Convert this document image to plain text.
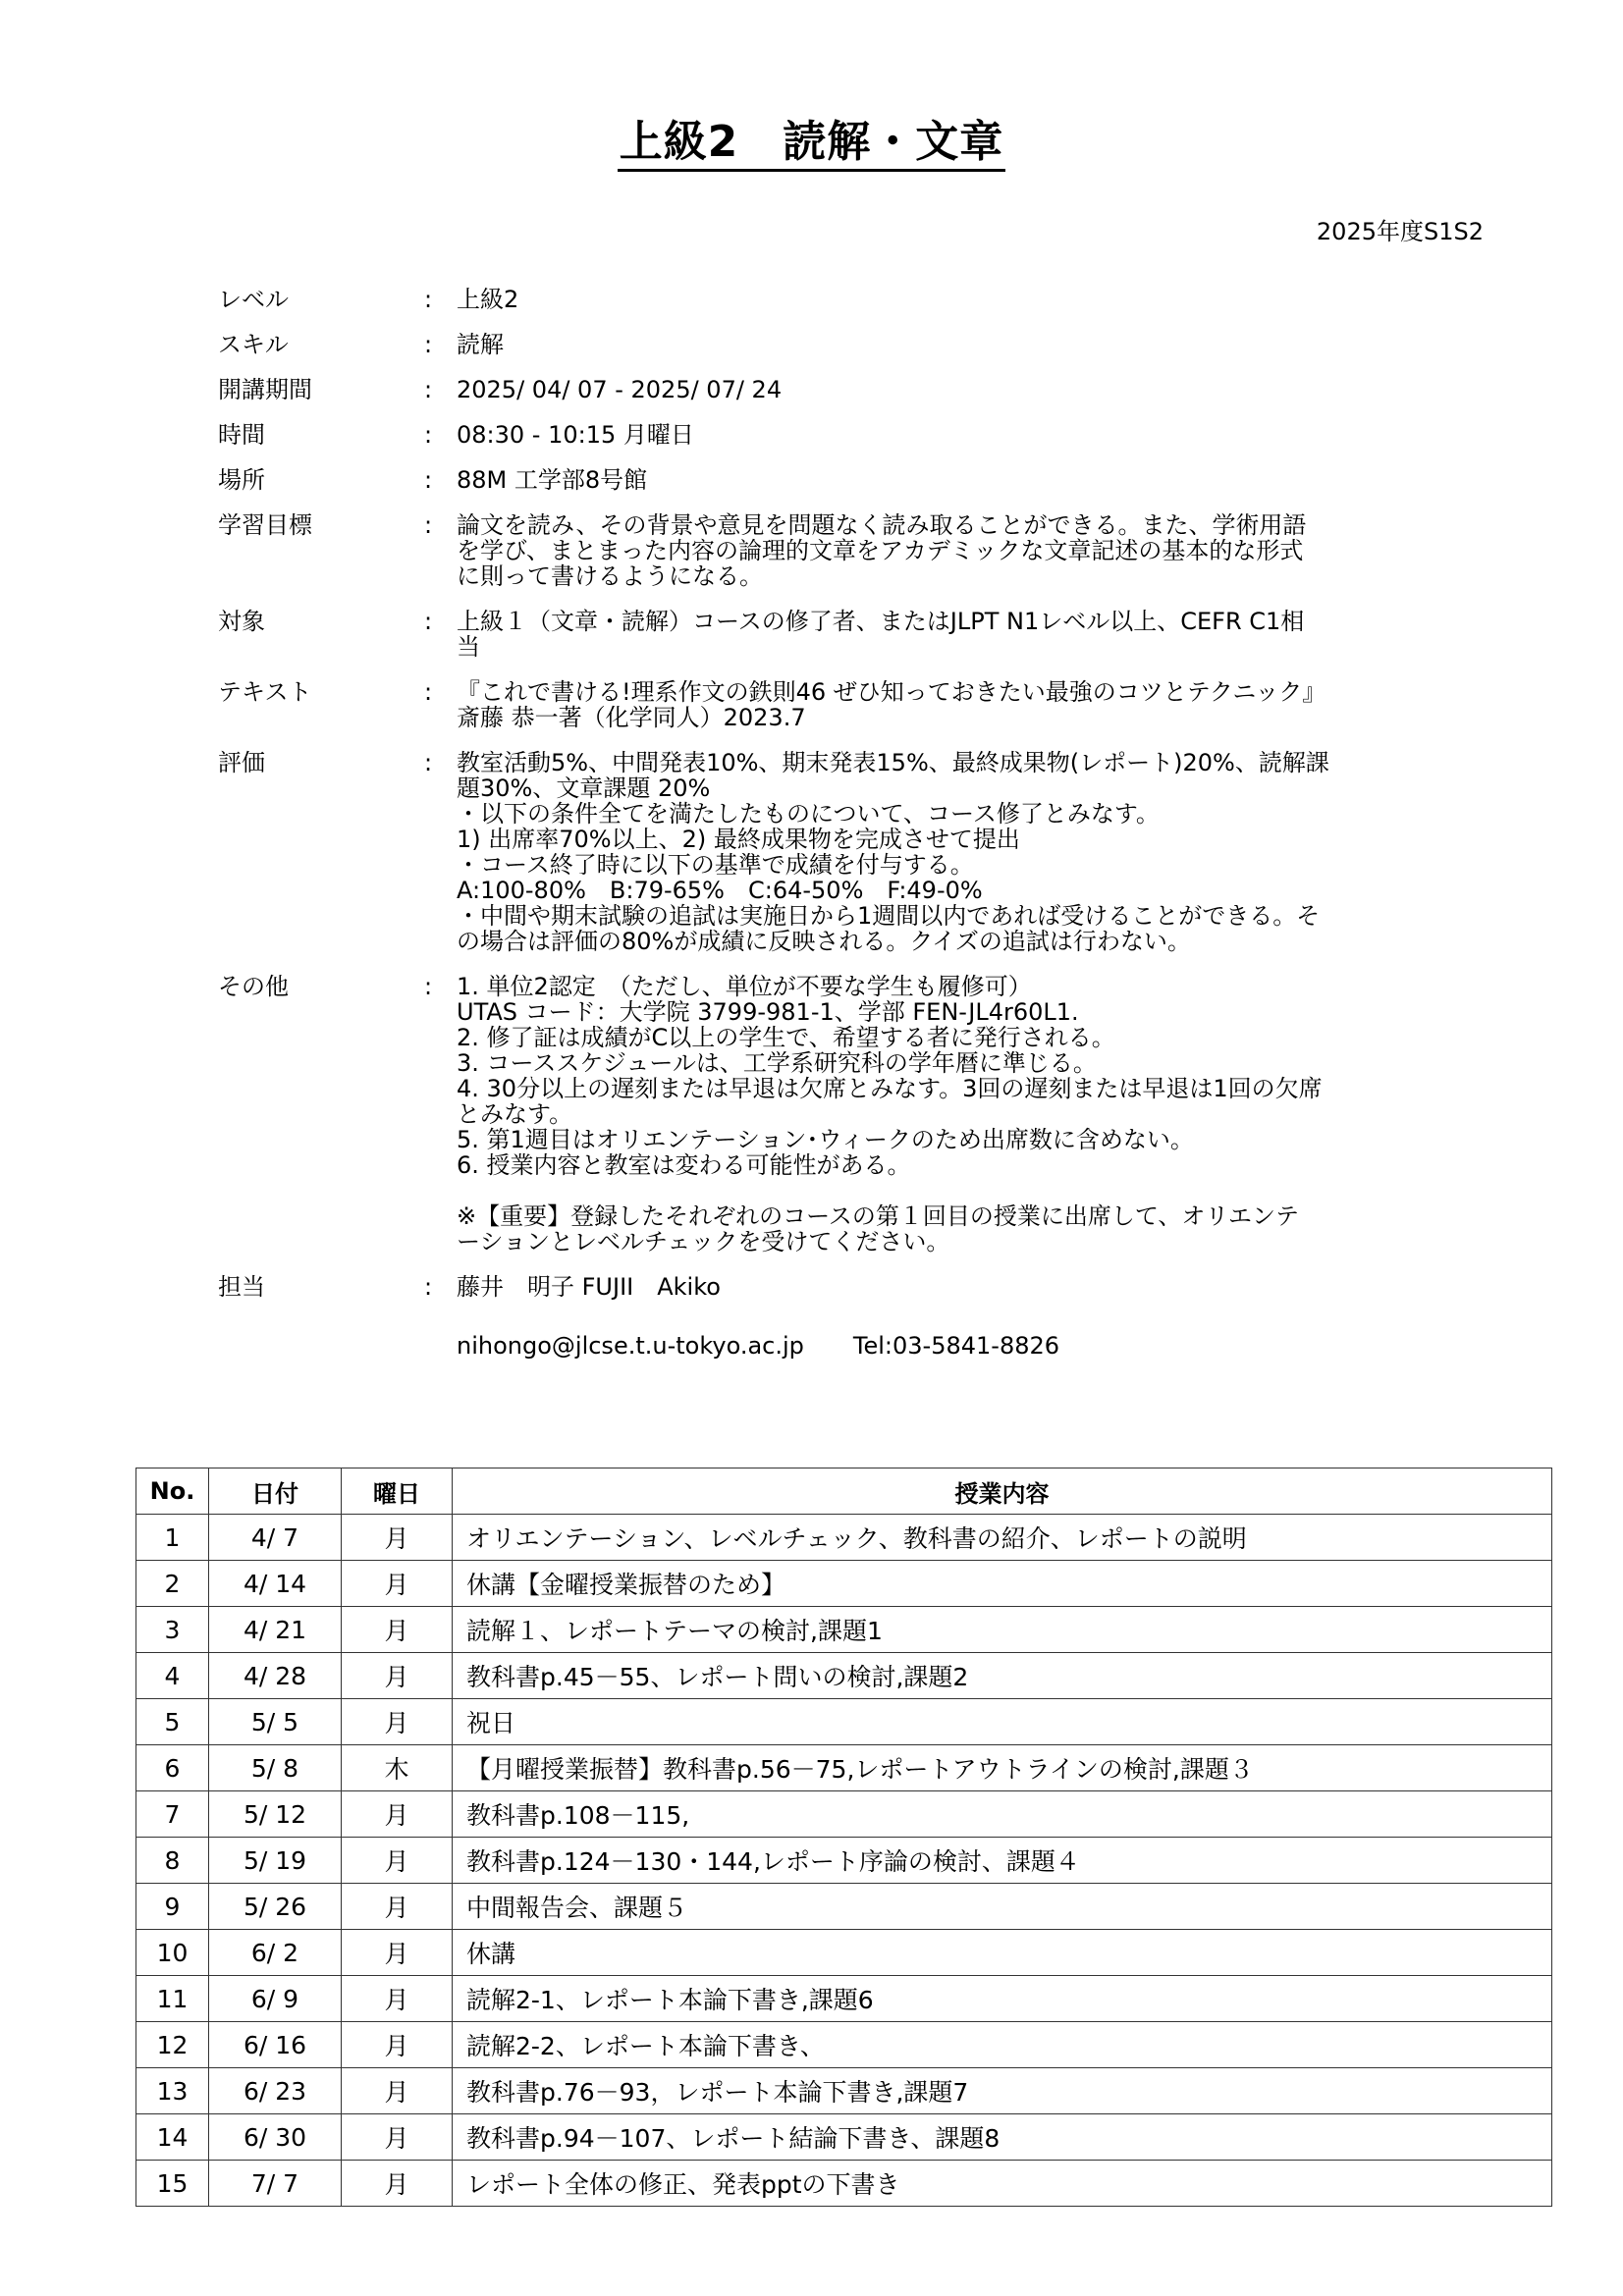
上級2　読解・文章
2025年度S1S2
レベル	:	上級2
スキル	:	読解
開講期間	:	2025/ 04/ 07 - 2025/ 07/ 24
時間	:	08:30 - 10:15 月曜日
場所	:	88M 工学部8号館
学習目標	:	論文を読み、その背景や意見を問題なく読み取ることができる。また、学術用語
を学び、まとまった内容の論理的文章をアカデミックな文章記述の基本的な形式
に則って書けるようになる。
対象	:	上級１（文章・読解）コースの修了者、またはJLPT N1レベル以上、CEFR C1相
当
テキスト	:	『これで書ける!理系作文の鉄則46 ぜひ知っておきたい最強のコツとテクニック』
斎藤 恭一著（化学同人）2023.7
評価	:	教室活動5%、中間発表10%、期末発表15%、最終成果物(レポート)20%、読解課
題30%、文章課題 20%
・以下の条件全てを満たしたものについて、コース修了とみなす。
1) 出席率70%以上、2) 最終成果物を完成させて提出
・コース終了時に以下の基準で成績を付与する。
A:100-80%　B:79-65%　C:64-50%　F:49-0%
・中間や期末試験の追試は実施日から1週間以内であれば受けることができる。そ
の場合は評価の80%が成績に反映される。クイズの追試は行わない。
その他	:	1. 単位2認定　（ただし、単位が不要な学生も履修可）
UTAS コード：大学院 3799-981-1、学部 FEN-JL4r60L1.
2. 修了証は成績がC以上の学生で、希望する者に発行される。
3. コーススケジュールは、工学系研究科の学年暦に準じる。
4. 30分以上の遅刻または早退は欠席とみなす。3回の遅刻または早退は1回の欠席
とみなす。
5. 第1週目はオリエンテーション･ウィークのため出席数に含めない。
6. 授業内容と教室は変わる可能性がある。
※【重要】登録したそれぞれのコースの第１回目の授業に出席して、オリエンテ
ーションとレベルチェックを受けてください。
担当	:	藤井　明子 FUJII　Akiko
nihongo@jlcse.t.u-tokyo.ac.jp Tel:03-5841-8826
No.	日付	曜日	授業内容
1	4/ 7	月	オリエンテーション、レベルチェック、教科書の紹介、レポートの説明
2	4/ 14	月	休講【金曜授業振替のため】
3	4/ 21	月	読解１、レポートテーマの検討,課題1
4	4/ 28	月	教科書p.45－55、レポート問いの検討,課題2
5	5/ 5	月	祝日
6	5/ 8	木	【月曜授業振替】教科書p.56－75,レポートアウトラインの検討,課題３
7	5/ 12	月	教科書p.108－115,
8	5/ 19	月	教科書p.124－130・144,レポート序論の検討、課題４
9	5/ 26	月	中間報告会、課題５
10	6/ 2	月	休講
11	6/ 9	月	読解2-1、レポート本論下書き,課題6
12	6/ 16	月	読解2-2、レポート本論下書き、
13	6/ 23	月	教科書p.76－93，レポート本論下書き,課題7
14	6/ 30	月	教科書p.94－107、レポート結論下書き、課題8
15	7/ 7	月	レポート全体の修正、発表pptの下書き
